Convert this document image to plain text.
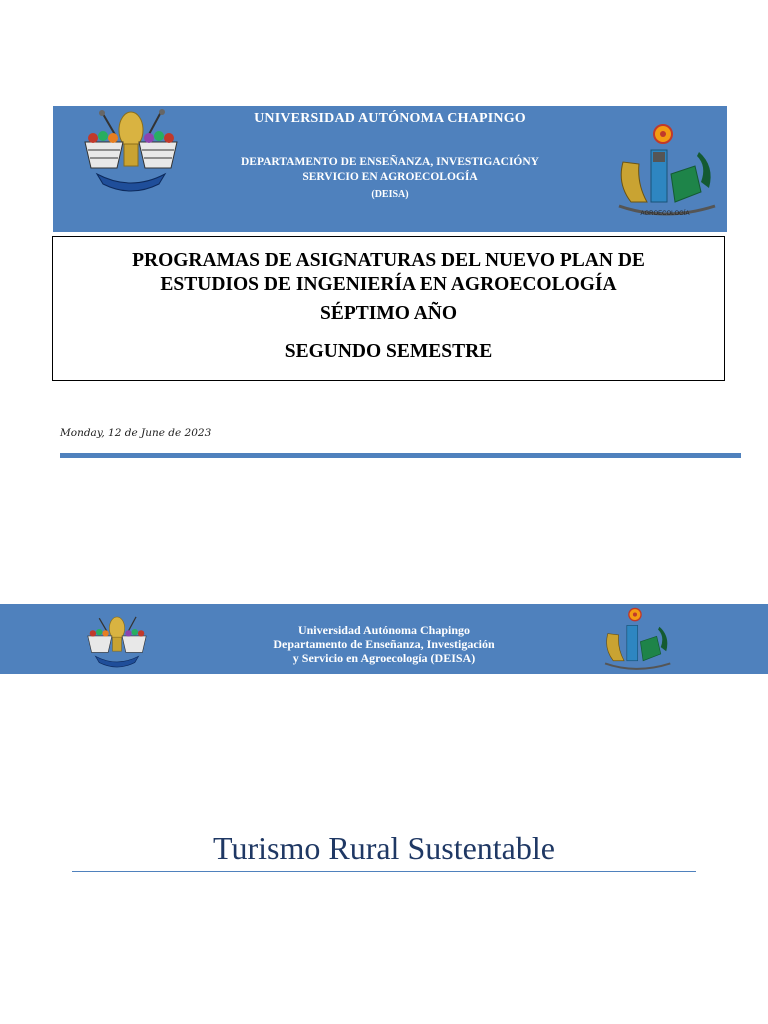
UNIVERSIDAD AUTÓNOMA CHAPINGO
DEPARTAMENTO DE ENSEÑANZA, INVESTIGACIÓNY
SERVICIO EN AGROECOLOGÍA
(DEISA)
AGROECOLOGÍA
PROGRAMAS DE ASIGNATURAS DEL NUEVO PLAN DE
ESTUDIOS DE INGENIERÍA EN AGROECOLOGÍA
SÉPTIMO AÑO
SEGUNDO SEMESTRE
Monday, 12 de June de 2023
Universidad Autónoma Chapingo
Departamento de Enseñanza, Investigación
y Servicio en Agroecología (DEISA)
Turismo Rural Sustentable
